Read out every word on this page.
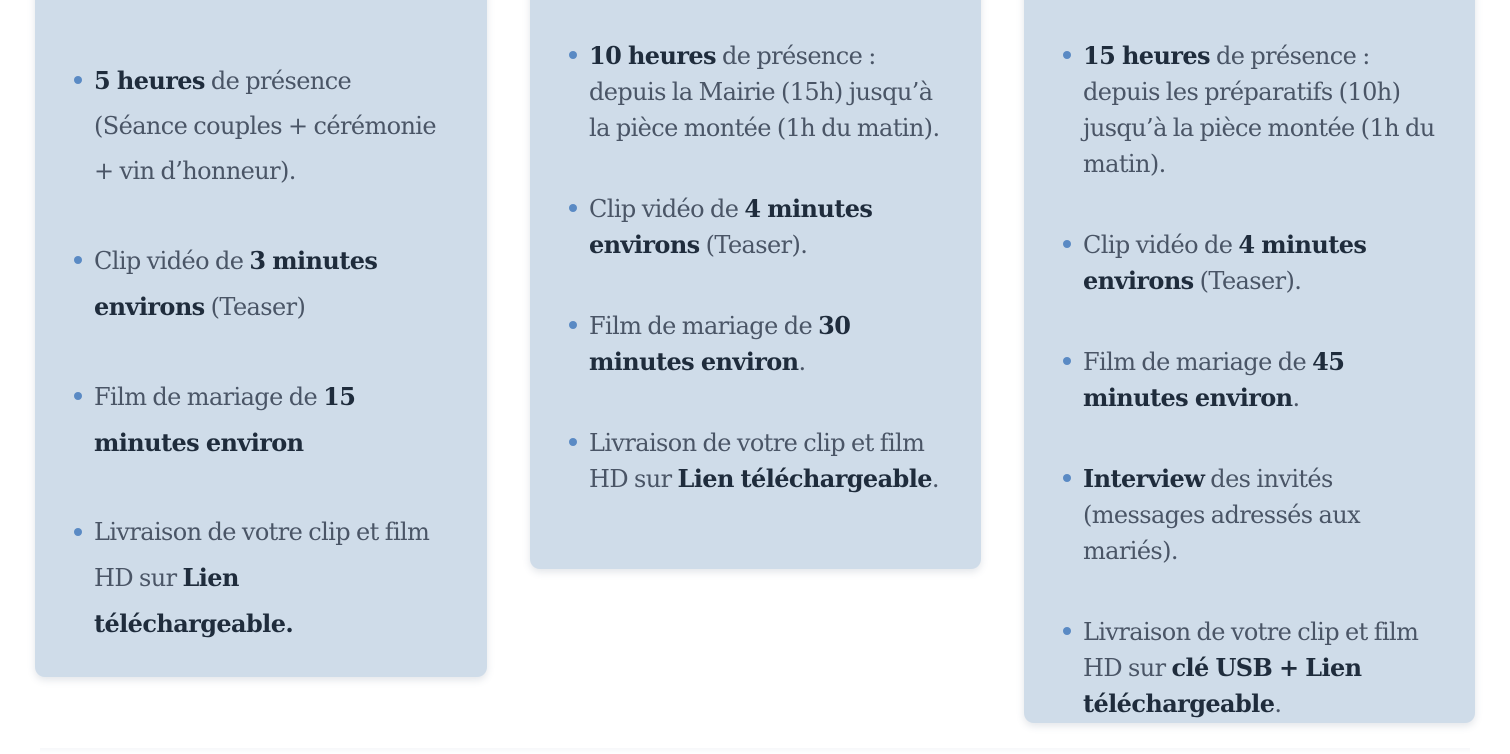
5 heures de présence (Séance couples + cérémonie + vin d’honneur).
Clip vidéo de 3 minutes environs (Teaser)
Film de mariage de 15 minutes environ
Livraison de votre clip et film HD sur Lien téléchargeable.
10 heures de présence : depuis la Mairie (15h) jusqu’à la pièce montée (1h du matin).
Clip vidéo de 4 minutes environs (Teaser).
Film de mariage de 30 minutes environ.
Livraison de votre clip et film HD sur Lien téléchargeable.
15 heures de présence : depuis les préparatifs (10h) jusqu’à la pièce montée (1h du matin).
Clip vidéo de 4 minutes environs (Teaser).
Film de mariage de 45 minutes environ.
Interview des invités (messages adressés aux mariés).
Livraison de votre clip et film HD sur clé USB + Lien téléchargeable.
